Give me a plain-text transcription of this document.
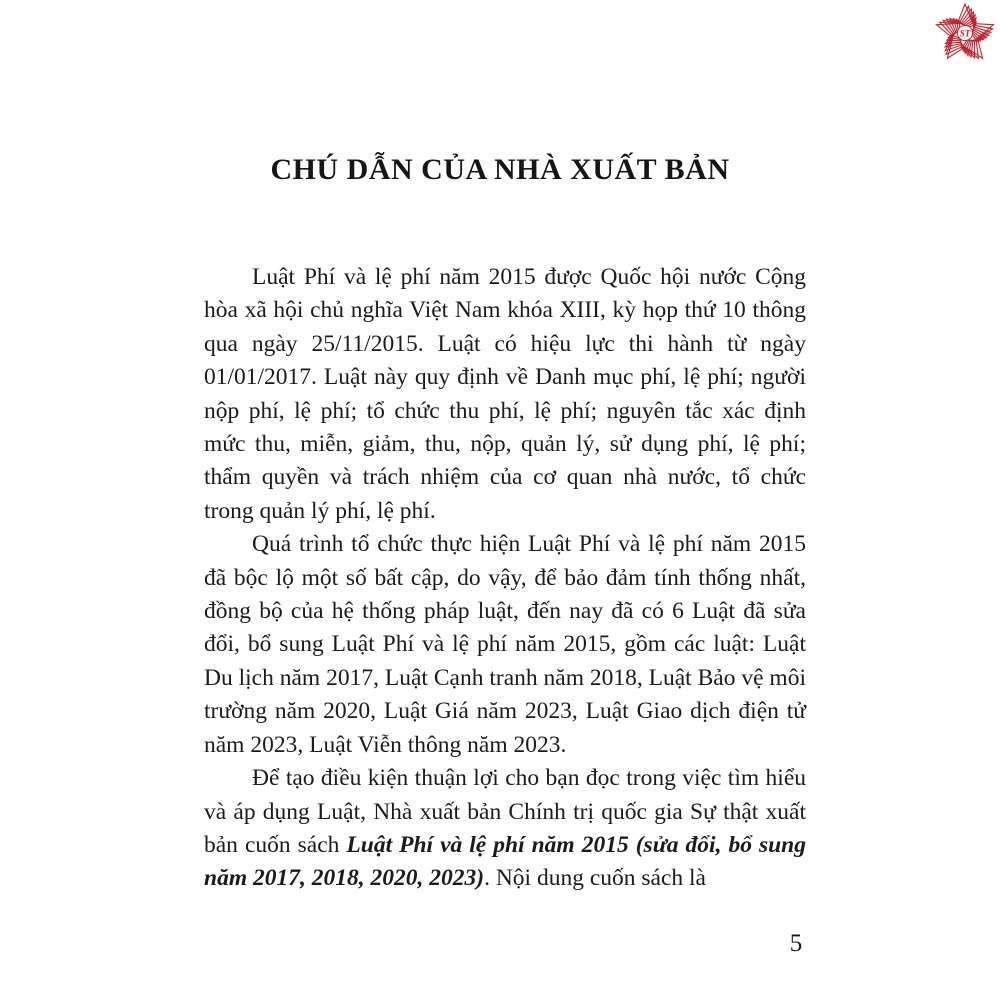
ST
CHÚ DẪN CỦA NHÀ XUẤT BẢN

Luật Phí và lệ phí năm 2015 được Quốc hội nước Cộng hòa xã hội chủ nghĩa Việt Nam khóa XIII, kỳ họp thứ 10 thông qua ngày 25/11/2015. Luật có hiệu lực thi hành từ ngày 01/01/2017. Luật này quy định về Danh mục phí, lệ phí; người nộp phí, lệ phí; tổ chức thu phí, lệ phí; nguyên tắc xác định mức thu, miễn, giảm, thu, nộp, quản lý, sử dụng phí, lệ phí; thẩm quyền và trách nhiệm của cơ quan nhà nước, tổ chức trong quản lý phí, lệ phí.

Quá trình tổ chức thực hiện Luật Phí và lệ phí năm 2015 đã bộc lộ một số bất cập, do vậy, để bảo đảm tính thống nhất, đồng bộ của hệ thống pháp luật, đến nay đã có 6 Luật đã sửa đổi, bổ sung Luật Phí và lệ phí năm 2015, gồm các luật: Luật Du lịch năm 2017, Luật Cạnh tranh năm 2018, Luật Bảo vệ môi trường năm 2020, Luật Giá năm 2023, Luật Giao dịch điện tử năm 2023, Luật Viễn thông năm 2023.

Để tạo điều kiện thuận lợi cho bạn đọc trong việc tìm hiểu và áp dụng Luật, Nhà xuất bản Chính trị quốc gia Sự thật xuất bản cuốn sách Luật Phí và lệ phí năm 2015 (sửa đổi, bổ sung năm 2017, 2018, 2020, 2023). Nội dung cuốn sách là

5
